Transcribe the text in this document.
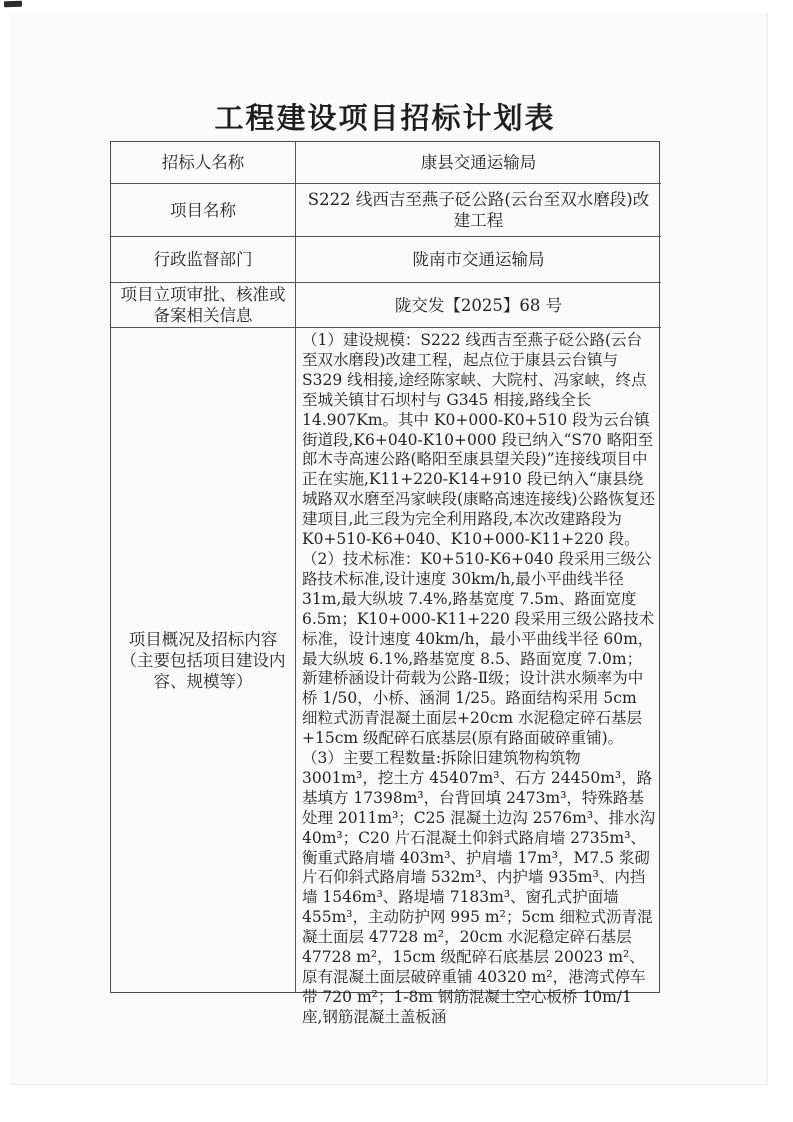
工程建设项目招标计划表
招标人名称	康县交通运输局
项目名称
S222 线西吉至燕子砭公路(云台至双水磨段)改建工程
行政监督部门	陇南市交通运输局
项目立项审批、核准或备案相关信息
陇交发【2025】68 号
项目概况及招标内容（主要包括项目建设内容、规模等）

（1）建设规模：S222 线西吉至燕子砭公路(云台至双水磨段)改建工程，起点位于康县云台镇与 S329 线相接,途经陈家峡、大院村、冯家峡，终点至城关镇甘石坝村与 G345 相接,路线全长 14.907Km。其中 K0+000-K0+510 段为云台镇街道段,K6+040-K10+000 段已纳入“S70 略阳至郎木寺高速公路(略阳至康县望关段)”连接线项目中正在实施,K11+220-K14+910 段已纳入“康县绕城路双水磨至冯家峡段(康略高速连接线)公路恢复还建项目,此三段为完全利用路段,本次改建路段为 K0+510-K6+040、K10+000-K11+220 段。

（2）技术标准：K0+510-K6+040 段采用三级公路技术标准,设计速度 30km/h,最小平曲线半径 31m,最大纵坡 7.4%,路基宽度 7.5m、路面宽度 6.5m；K10+000-K11+220 段采用三级公路技术标准，设计速度 40km/h，最小平曲线半径 60m，最大纵坡 6.1%,路基宽度 8.5、路面宽度 7.0m；新建桥涵设计荷载为公路-Ⅱ级；设计洪水频率为中桥 1/50，小桥、涵洞 1/25。路面结构采用 5cm 细粒式沥青混凝土面层+20cm 水泥稳定碎石基层+15cm 级配碎石底基层(原有路面破碎重铺)。

（3）主要工程数量:拆除旧建筑物构筑物 3001m³，挖土方 45407m³、石方 24450m³，路基填方 17398m³，台背回填 2473m³，特殊路基处理 2011m³；C25 混凝土边沟 2576m³、排水沟 40m³；C20 片石混凝土仰斜式路肩墙 2735m³、衡重式路肩墙 403m³、护肩墙 17m³，M7.5 浆砌片石仰斜式路肩墙 532m³、内护墙 935m³、内挡墙 1546m³、路堤墙 7183m³、窗孔式护面墙 455m³，主动防护网 995 m²；5cm 细粒式沥青混凝土面层 47728 m²，20cm 水泥稳定碎石基层 47728 m²，15cm 级配碎石底基层 20023 m²、原有混凝土面层破碎重铺 40320 m²，港湾式停车带 720 m²；1-8m 钢筋混凝土空心板桥 10m/1 座,钢筋混凝土盖板涵
